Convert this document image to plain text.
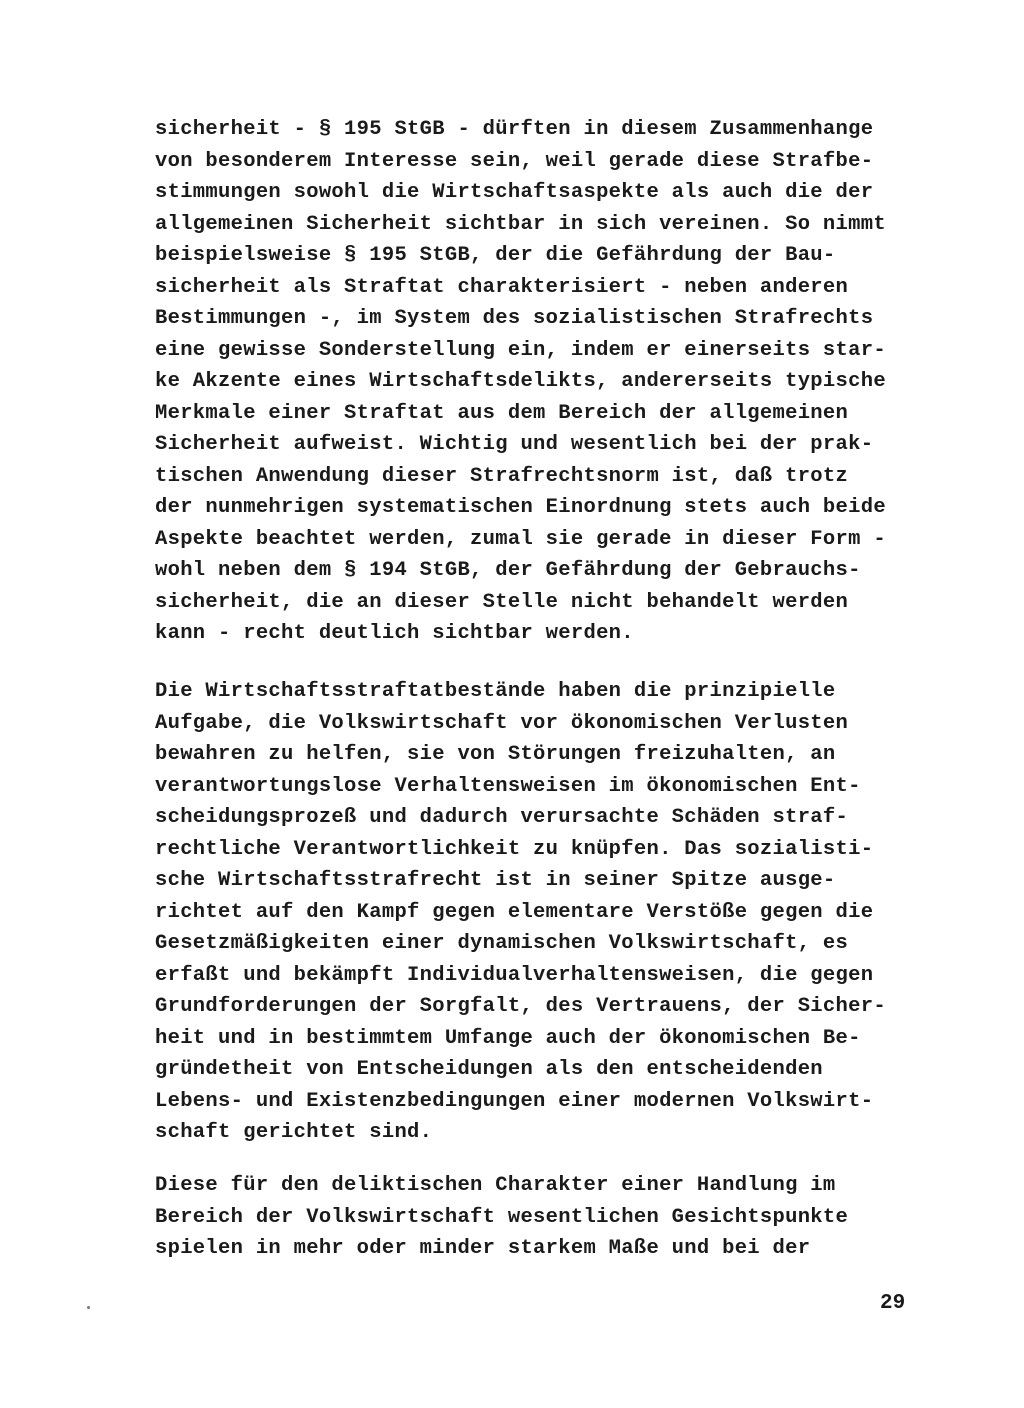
sicherheit - § 195 StGB - dürften in diesem Zusammenhange
von besonderem Interesse sein, weil gerade diese Strafbe-
stimmungen sowohl die Wirtschaftsaspekte als auch die der
allgemeinen Sicherheit sichtbar in sich vereinen. So nimmt
beispielsweise § 195 StGB, der die Gefährdung der Bau-
sicherheit als Straftat charakterisiert - neben anderen
Bestimmungen -, im System des sozialistischen Strafrechts
eine gewisse Sonderstellung ein, indem er einerseits star-
ke Akzente eines Wirtschaftsdelikts, andererseits typische
Merkmale einer Straftat aus dem Bereich der allgemeinen
Sicherheit aufweist. Wichtig und wesentlich bei der prak-
tischen Anwendung dieser Strafrechtsnorm ist, daß trotz
der nunmehrigen systematischen Einordnung stets auch beide
Aspekte beachtet werden, zumal sie gerade in dieser Form -
wohl neben dem § 194 StGB, der Gefährdung der Gebrauchs-
sicherheit, die an dieser Stelle nicht behandelt werden
kann - recht deutlich sichtbar werden.
Die Wirtschaftsstraftatbestände haben die prinzipielle
Aufgabe, die Volkswirtschaft vor ökonomischen Verlusten
bewahren zu helfen, sie von Störungen freizuhalten, an
verantwortungslose Verhaltensweisen im ökonomischen Ent-
scheidungsprozeß und dadurch verursachte Schäden straf-
rechtliche Verantwortlichkeit zu knüpfen. Das sozialisti-
sche Wirtschaftsstrafrecht ist in seiner Spitze ausge-
richtet auf den Kampf gegen elementare Verstöße gegen die
Gesetzmäßigkeiten einer dynamischen Volkswirtschaft, es
erfaßt und bekämpft Individualverhaltensweisen, die gegen
Grundforderungen der Sorgfalt, des Vertrauens, der Sicher-
heit und in bestimmtem Umfange auch der ökonomischen Be-
gründetheit von Entscheidungen als den entscheidenden
Lebens- und Existenzbedingungen einer modernen Volkswirt-
schaft gerichtet sind.
Diese für den deliktischen Charakter einer Handlung im
Bereich der Volkswirtschaft wesentlichen Gesichtspunkte
spielen in mehr oder minder starkem Maße und bei der
29
